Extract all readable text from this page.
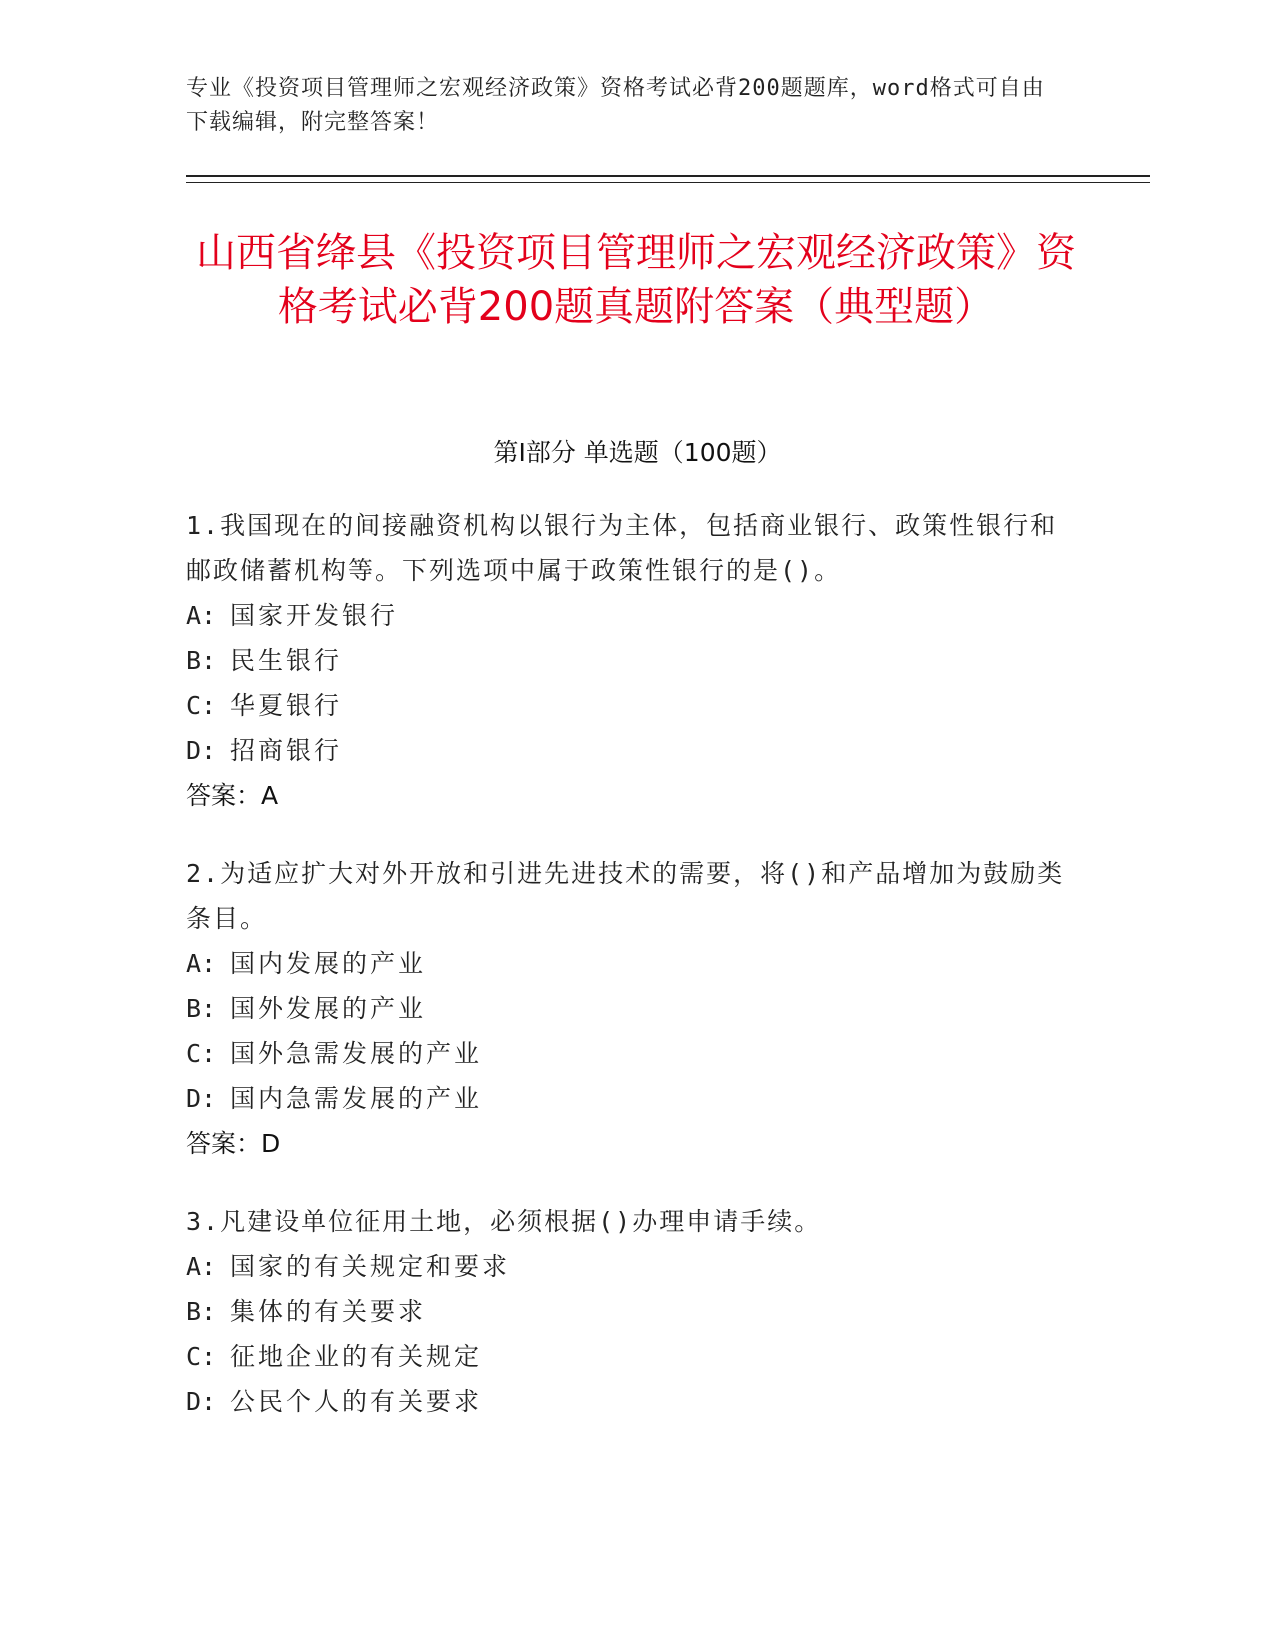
专业《投资项目管理师之宏观经济政策》资格考试必背200题题库，word格式可自由下载编辑，附完整答案！
山西省绛县《投资项目管理师之宏观经济政策》资格考试必背200题真题附答案（典型题）
第Ⅰ部分 单选题（100题）

1.我国现在的间接融资机构以银行为主体，包括商业银行、政策性银行和邮政储蓄机构等。下列选项中属于政策性银行的是()。

A: 国家开发银行

B: 民生银行

C: 华夏银行

D: 招商银行

答案：A

2.为适应扩大对外开放和引进先进技术的需要，将()和产品增加为鼓励类条目。

A: 国内发展的产业

B: 国外发展的产业

C: 国外急需发展的产业

D: 国内急需发展的产业

答案：D

3.凡建设单位征用土地，必须根据()办理申请手续。

A: 国家的有关规定和要求

B: 集体的有关要求

C: 征地企业的有关规定

D: 公民个人的有关要求
